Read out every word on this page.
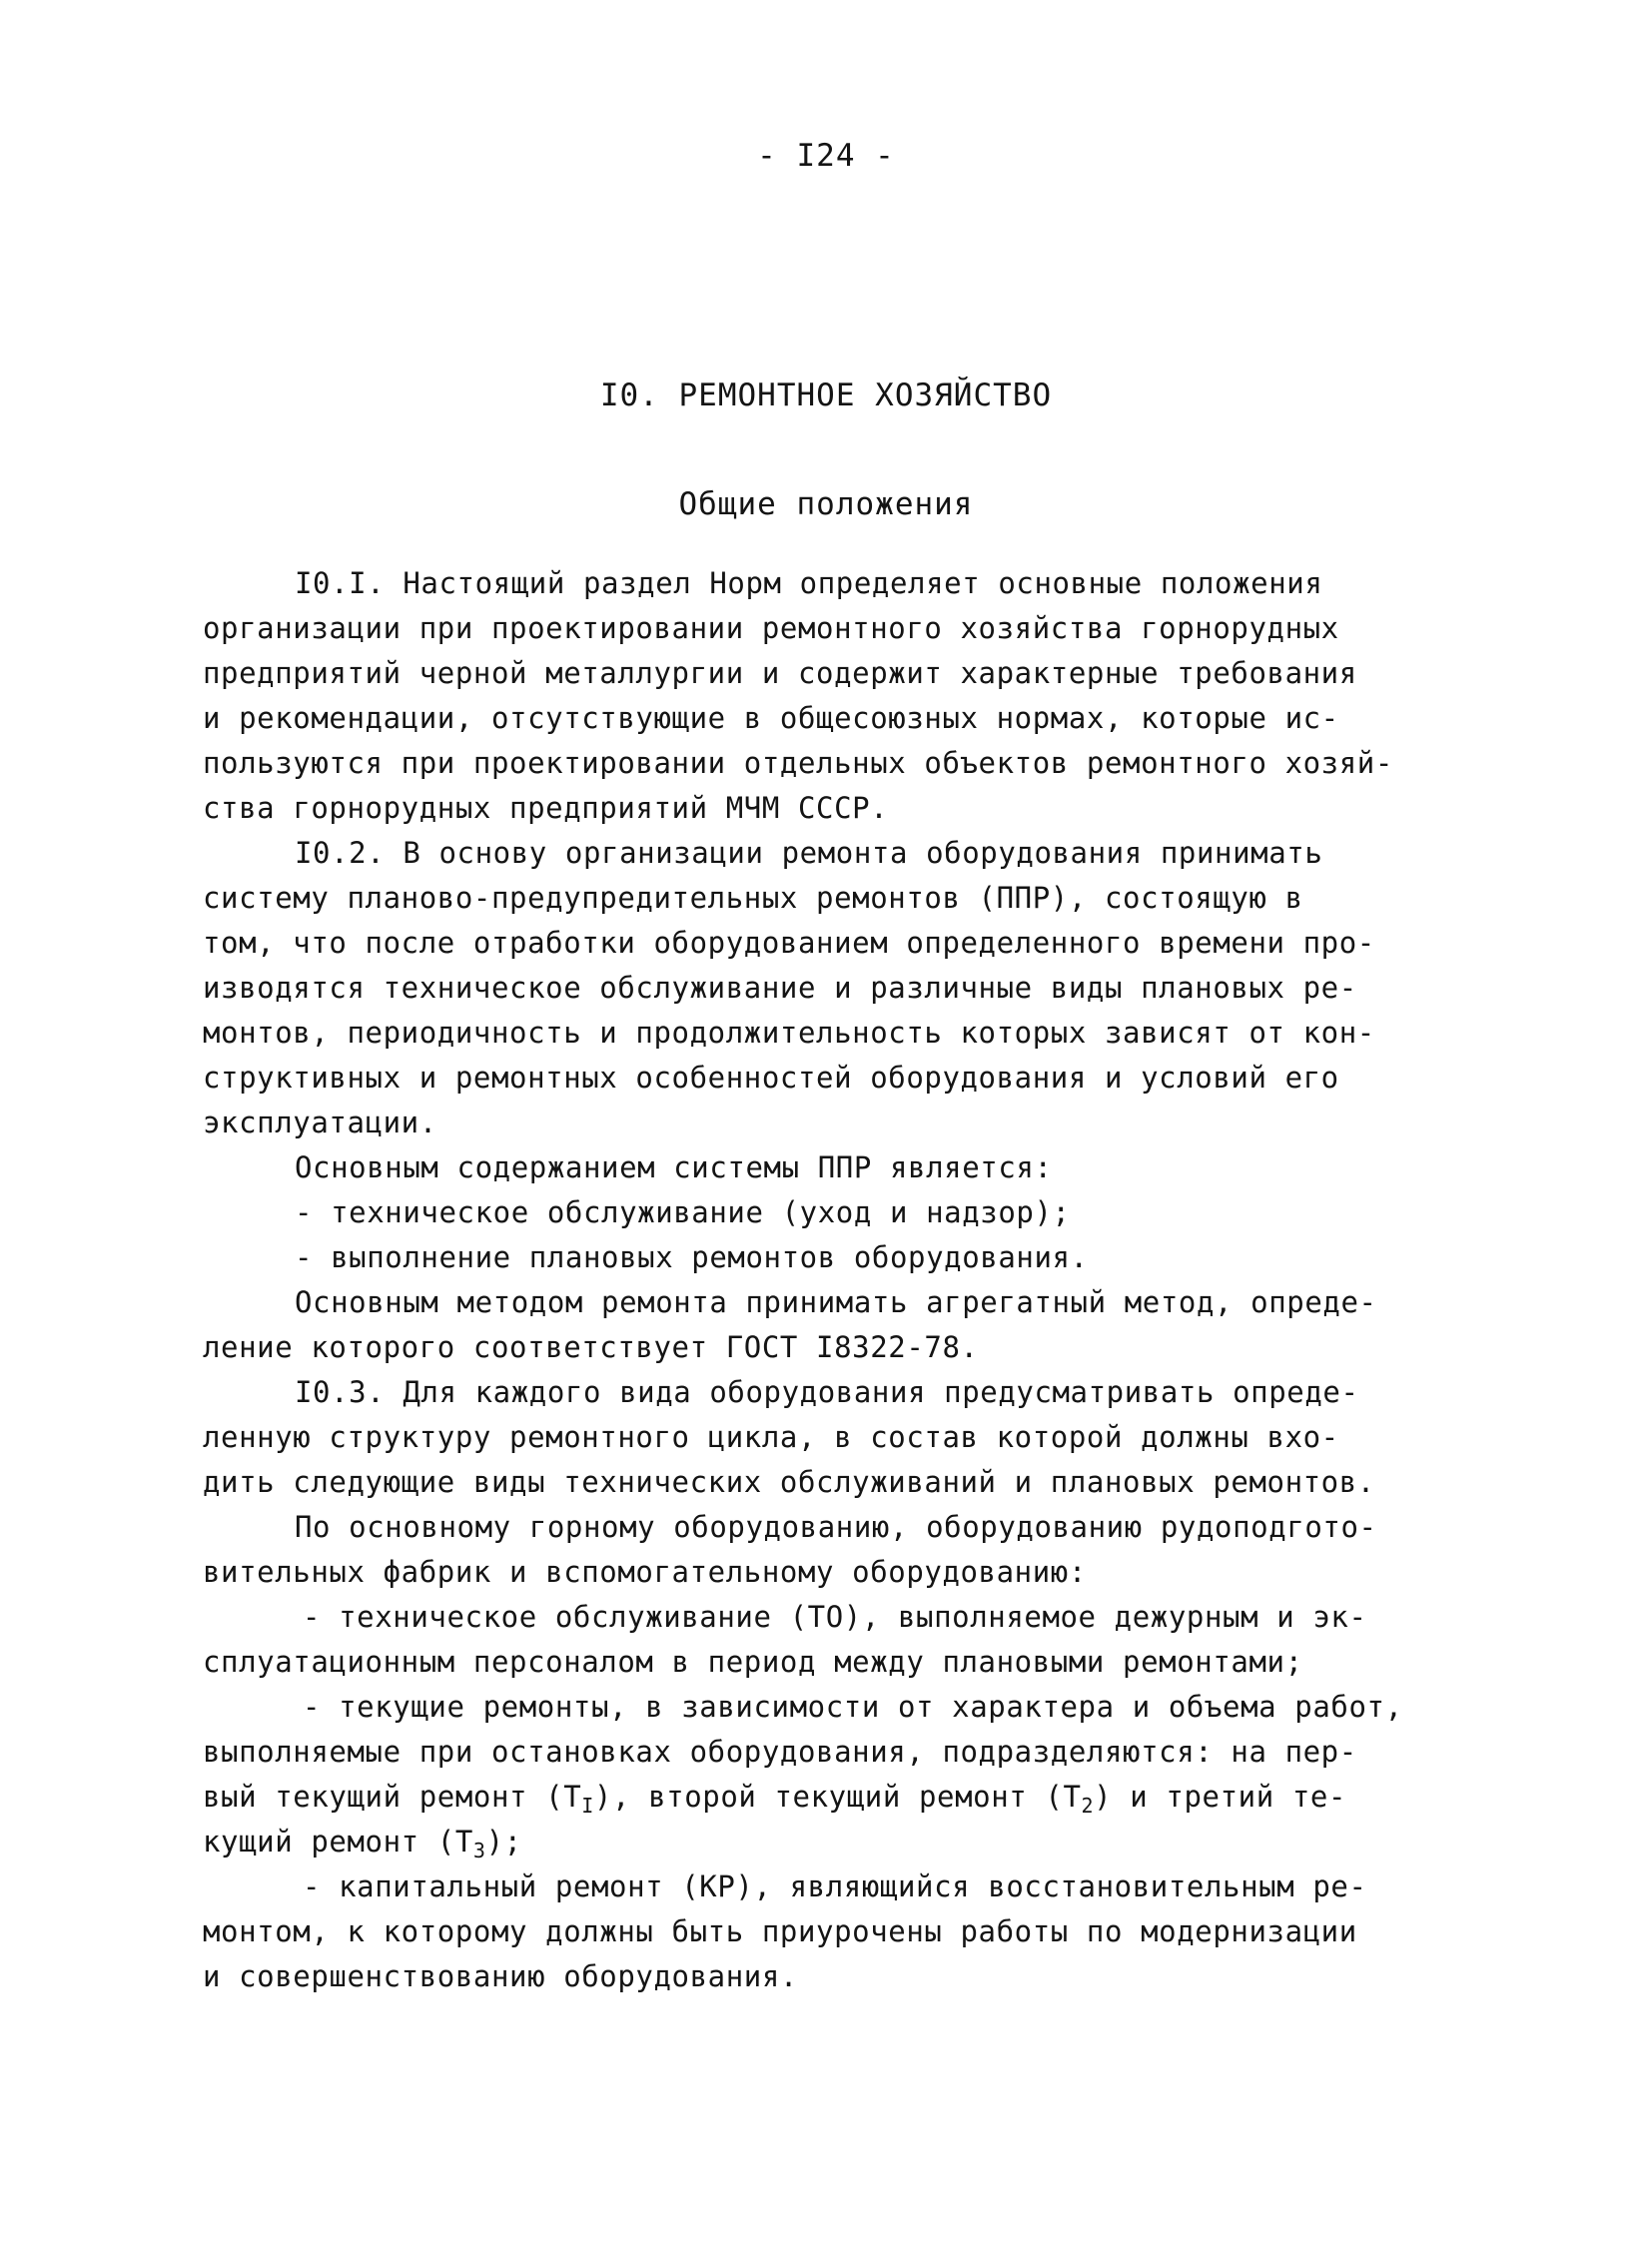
- I24 -
I0. РЕМОНТНОЕ ХОЗЯЙСТВО
Общие положения
I0.I. Настоящий раздел Норм определяет основные положения
организации при проектировании ремонтного хозяйства горнорудных
предприятий черной металлургии и содержит характерные требования
и рекомендации, отсутствующие в общесоюзных нормах, которые ис-
пользуются при проектировании отдельных объектов ремонтного хозяй-
ства горнорудных предприятий МЧМ СССР.
I0.2. В основу организации ремонта оборудования принимать
систему планово-предупредительных ремонтов (ППР), состоящую в
том, что после отработки оборудованием определенного времени про-
изводятся техническое обслуживание и различные виды плановых ре-
монтов, периодичность и продолжительность которых зависят от кон-
структивных и ремонтных особенностей оборудования и условий его
эксплуатации.
Основным содержанием системы ППР является:
- техническое обслуживание (уход и надзор);
- выполнение плановых ремонтов оборудования.
Основным методом ремонта принимать агрегатный метод, опреде-
ление которого соответствует ГОСТ I8322-78.
I0.3. Для каждого вида оборудования предусматривать опреде-
ленную структуру ремонтного цикла, в состав которой должны вхо-
дить следующие виды технических обслуживаний и плановых ремонтов.
По основному горному оборудованию, оборудованию рудоподгото-
вительных фабрик и вспомогательному оборудованию:
- техническое обслуживание (ТО), выполняемое дежурным и эк-
сплуатационным персоналом в период между плановыми ремонтами;
- текущие ремонты, в зависимости от характера и объема работ,
выполняемые при остановках оборудования, подразделяются: на пер-
вый текущий ремонт $(Т_I)$, второй текущий ремонт $(Т_2)$ и третий те-
кущий ремонт $(Т_3)$;
- капитальный ремонт (КР), являющийся восстановительным ре-
монтом, к которому должны быть приурочены работы по модернизации
и совершенствованию оборудования.
